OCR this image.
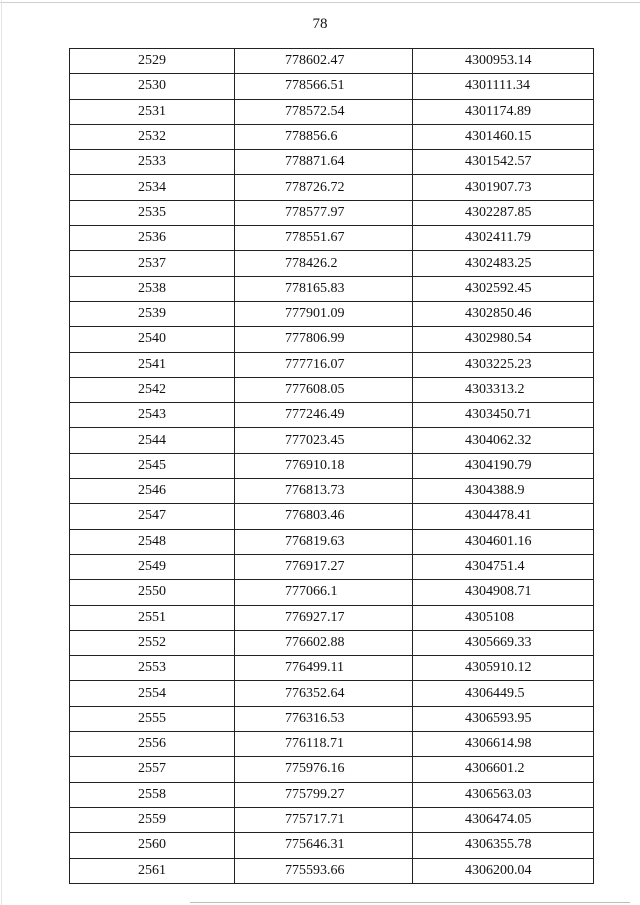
78
2529	778602.47	4300953.14
2530	778566.51	4301111.34
2531	778572.54	4301174.89
2532	778856.6	4301460.15
2533	778871.64	4301542.57
2534	778726.72	4301907.73
2535	778577.97	4302287.85
2536	778551.67	4302411.79
2537	778426.2	4302483.25
2538	778165.83	4302592.45
2539	777901.09	4302850.46
2540	777806.99	4302980.54
2541	777716.07	4303225.23
2542	777608.05	4303313.2
2543	777246.49	4303450.71
2544	777023.45	4304062.32
2545	776910.18	4304190.79
2546	776813.73	4304388.9
2547	776803.46	4304478.41
2548	776819.63	4304601.16
2549	776917.27	4304751.4
2550	777066.1	4304908.71
2551	776927.17	4305108
2552	776602.88	4305669.33
2553	776499.11	4305910.12
2554	776352.64	4306449.5
2555	776316.53	4306593.95
2556	776118.71	4306614.98
2557	775976.16	4306601.2
2558	775799.27	4306563.03
2559	775717.71	4306474.05
2560	775646.31	4306355.78
2561	775593.66	4306200.04
